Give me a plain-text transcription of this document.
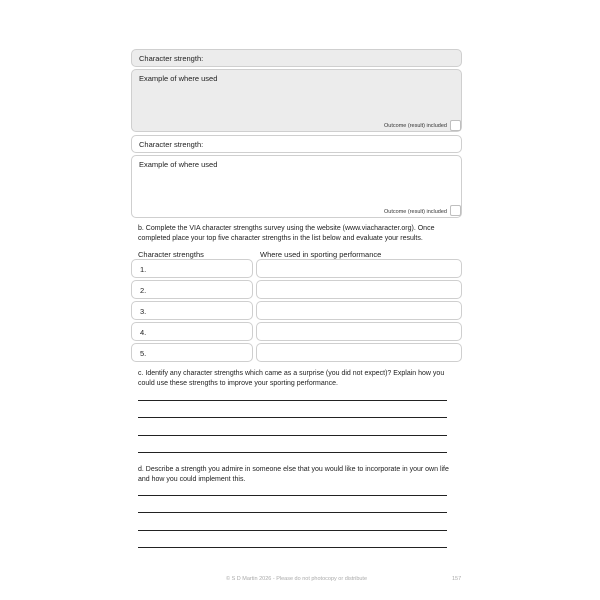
Character strength:
Example of where used
Outcome (result) included
Character strength:
Example of where used
Outcome (result) included
b. Complete the VIA character strengths survey using the website (www.viacharacter.org). Once completed place your top five character strengths in the list below and evaluate your results.
Character strengths	Where used in sporting performance
1.
2.
3.
4.
5.
c. Identify any character strengths which came as a surprise (you did not expect)? Explain how you could use these strengths to improve your sporting performance.
d. Describe a strength you admire in someone else that you would like to incorporate in your own life and how you could implement this.
© S D Martin 2026 - Please do not photocopy or distribute	157
